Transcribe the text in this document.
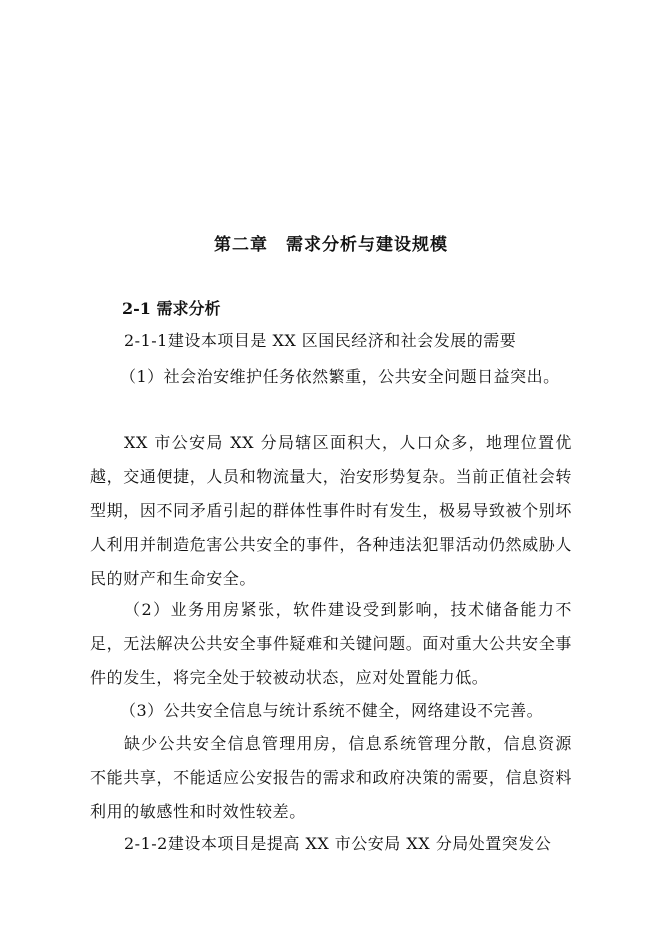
第二章 需求分析与建设规模
2-1 需求分析
2-1-1建设本项目是 XX 区国民经济和社会发展的需要
（1）社会治安维护任务依然繁重，公共安全问题日益突出。
XX 市公安局 XX 分局辖区面积大，人口众多，地理位置优越，交通便捷，人员和物流量大，治安形势复杂。当前正值社会转型期，因不同矛盾引起的群体性事件时有发生，极易导致被个别坏人利用并制造危害公共安全的事件，各种违法犯罪活动仍然威胁人民的财产和生命安全。
（2）业务用房紧张，软件建设受到影响，技术储备能力不足，无法解决公共安全事件疑难和关键问题。面对重大公共安全事件的发生，将完全处于较被动状态，应对处置能力低。
（3）公共安全信息与统计系统不健全，网络建设不完善。
缺少公共安全信息管理用房，信息系统管理分散，信息资源不能共享，不能适应公安报告的需求和政府决策的需要，信息资料利用的敏感性和时效性较差。
2-1-2建设本项目是提高 XX 市公安局 XX 分局处置突发公
